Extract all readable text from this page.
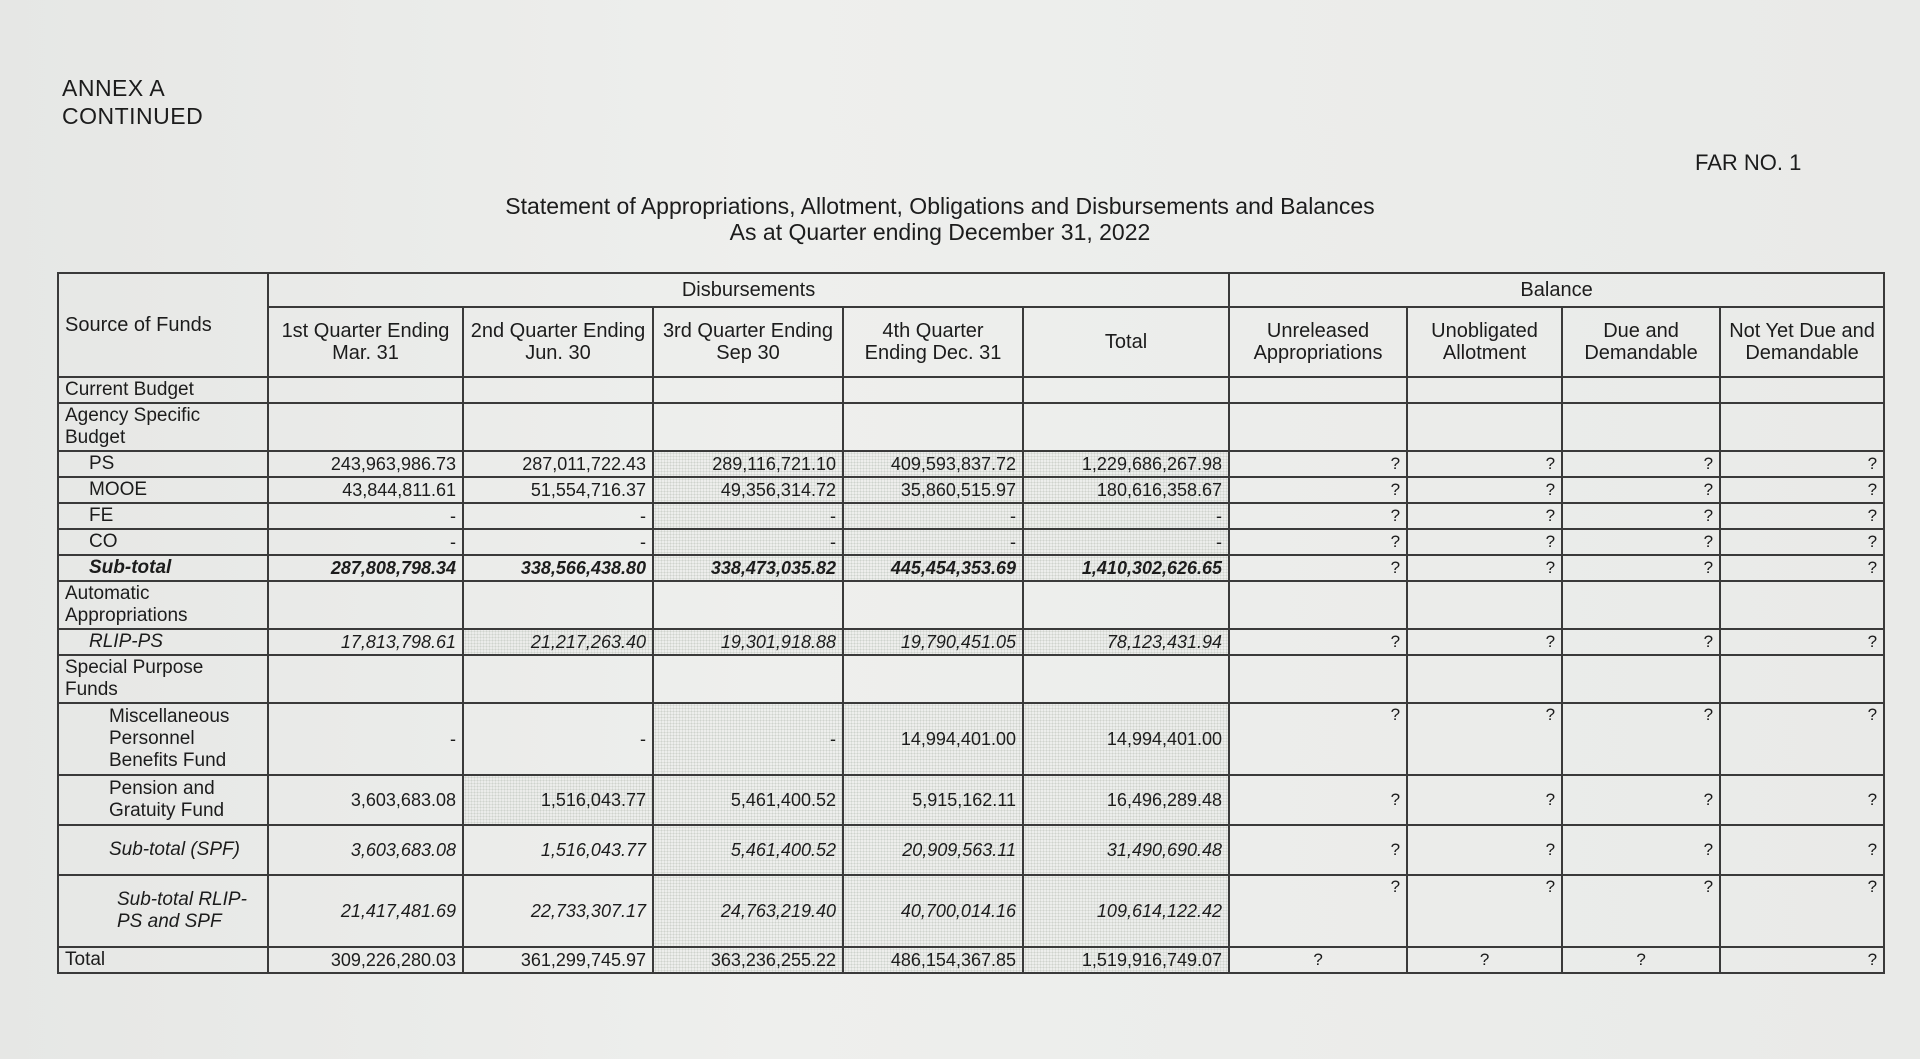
ANNEX A
CONTINUED
FAR NO. 1
Statement of Appropriations, Allotment, Obligations and Disbursements and Balances
As at Quarter ending December 31, 2022
Source of Funds	Disbursements					Balance			
	1st Quarter Ending Mar. 31	2nd Quarter Ending Jun. 30	3rd Quarter Ending Sep 30	4th Quarter Ending Dec. 31	Total	Unreleased Appropriations	Unobligated Allotment	Due and Demandable	Not Yet Due and Demandable
Current Budget									
Agency Specific Budget									
PS	243,963,986.73	287,011,722.43	289,116,721.10	409,593,837.72	1,229,686,267.98	?	?	?	?
MOOE	43,844,811.61	51,554,716.37	49,356,314.72	35,860,515.97	180,616,358.67	?	?	?	?
FE	-	-	-	-	-	?	?	?	?
CO	-	-	-	-	-	?	?	?	?
Sub-total	287,808,798.34	338,566,438.80	338,473,035.82	445,454,353.69	1,410,302,626.65	?	?	?	?
Automatic Appropriations									
RLIP-PS	17,813,798.61	21,217,263.40	19,301,918.88	19,790,451.05	78,123,431.94	?	?	?	?
Special Purpose Funds									
Miscellaneous Personnel Benefits Fund	-	-	-	14,994,401.00	14,994,401.00	?	?	?	?
Pension and Gratuity Fund	3,603,683.08	1,516,043.77	5,461,400.52	5,915,162.11	16,496,289.48	?	?	?	?
Sub-total (SPF)	3,603,683.08	1,516,043.77	5,461,400.52	20,909,563.11	31,490,690.48	?	?	?	?
Sub-total RLIP-PS and SPF	21,417,481.69	22,733,307.17	24,763,219.40	40,700,014.16	109,614,122.42	?	?	?	?
Total	309,226,280.03	361,299,745.97	363,236,255.22	486,154,367.85	1,519,916,749.07	?	?	?	?
